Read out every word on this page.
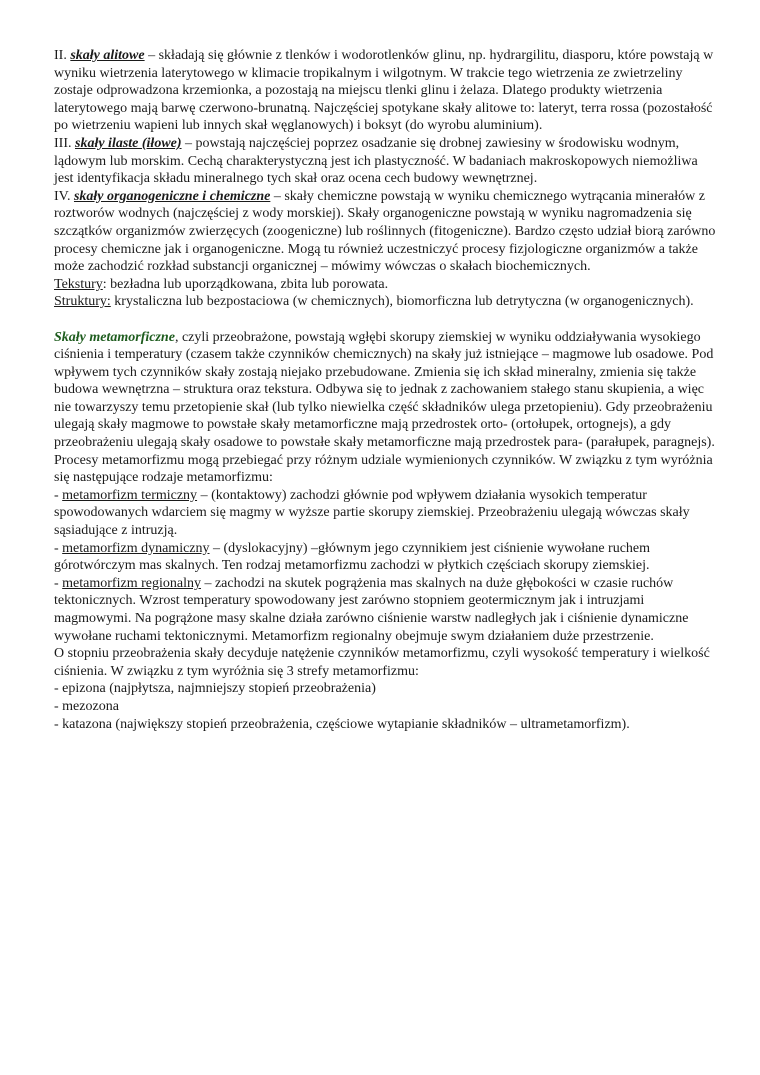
II. skały alitowe – składają się głównie z tlenków i wodorotlenków glinu, np. hydrargilitu, diasporu, które powstają w wyniku wietrzenia laterytowego w klimacie tropikalnym i wilgotnym. W trakcie tego wietrzenia ze zwietrzeliny zostaje odprowadzona krzemionka, a pozostają na miejscu tlenki glinu i żelaza. Dlatego produkty wietrzenia laterytowego mają barwę czerwono-brunatną. Najczęściej spotykane skały alitowe to: lateryt, terra rossa (pozostałość po wietrzeniu wapieni lub innych skał węglanowych) i boksyt (do wyrobu aluminium).

III. skały ilaste (iłowe) – powstają najczęściej poprzez osadzanie się drobnej zawiesiny w środowisku wodnym, lądowym lub morskim. Cechą charakterystyczną jest ich plastyczność. W badaniach makroskopowych niemożliwa jest identyfikacja składu mineralnego tych skał oraz ocena cech budowy wewnętrznej.

IV. skały organogeniczne i chemiczne – skały chemiczne powstają w wyniku chemicznego wytrącania minerałów z roztworów wodnych (najczęściej z wody morskiej). Skały organogeniczne powstają w wyniku nagromadzenia się szczątków organizmów zwierzęcych (zoogeniczne) lub roślinnych (fitogeniczne). Bardzo często udział biorą zarówno procesy chemiczne jak i organogeniczne. Mogą tu również uczestniczyć procesy fizjologiczne organizmów a także może zachodzić rozkład substancji organicznej – mówimy wówczas o skałach biochemicznych.

Tekstury: bezładna lub uporządkowana, zbita lub porowata.

Struktury: krystaliczna lub bezpostaciowa (w chemicznych), biomorficzna lub detrytyczna (w organogenicznych).

Skały metamorficzne, czyli przeobrażone, powstają wgłębi skorupy ziemskiej w wyniku oddziaływania wysokiego ciśnienia i temperatury (czasem także czynników chemicznych) na skały już istniejące – magmowe lub osadowe. Pod wpływem tych czynników skały zostają niejako przebudowane. Zmienia się ich skład mineralny, zmienia się także budowa wewnętrzna – struktura oraz tekstura. Odbywa się to jednak z zachowaniem stałego stanu skupienia, a więc nie towarzyszy temu przetopienie skał (lub tylko niewielka część składników ulega przetopieniu). Gdy przeobrażeniu ulegają skały magmowe to powstałe skały metamorficzne mają przedrostek orto- (ortołupek, ortognejs), a gdy przeobrażeniu ulegają skały osadowe to powstałe skały metamorficzne mają przedrostek para- (parałupek, paragnejs). Procesy metamorfizmu mogą przebiegać przy różnym udziale wymienionych czynników. W związku z tym wyróżnia się następujące rodzaje metamorfizmu:

- metamorfizm termiczny – (kontaktowy) zachodzi głównie pod wpływem działania wysokich temperatur spowodowanych wdarciem się magmy w wyższe partie skorupy ziemskiej. Przeobrażeniu ulegają wówczas skały sąsiadujące z intruzją.

- metamorfizm dynamiczny – (dyslokacyjny) –głównym jego czynnikiem jest ciśnienie wywołane ruchem górotwórczym mas skalnych. Ten rodzaj metamorfizmu zachodzi w płytkich częściach skorupy ziemskiej.

- metamorfizm regionalny – zachodzi na skutek pogrążenia mas skalnych na duże głębokości w czasie ruchów tektonicznych. Wzrost temperatury spowodowany jest zarówno stopniem geotermicznym jak i intruzjami magmowymi. Na pogrążone masy skalne działa zarówno ciśnienie warstw nadległych jak i ciśnienie dynamiczne wywołane ruchami tektonicznymi. Metamorfizm regionalny obejmuje swym działaniem duże przestrzenie.

O stopniu przeobrażenia skały decyduje natężenie czynników metamorfizmu, czyli wysokość temperatury i wielkość ciśnienia. W związku z tym wyróżnia się 3 strefy metamorfizmu:

- epizona (najpłytsza, najmniejszy stopień przeobrażenia)

- mezozona

- katazona (największy stopień przeobrażenia, częściowe wytapianie składników – ultrametamorfizm).
